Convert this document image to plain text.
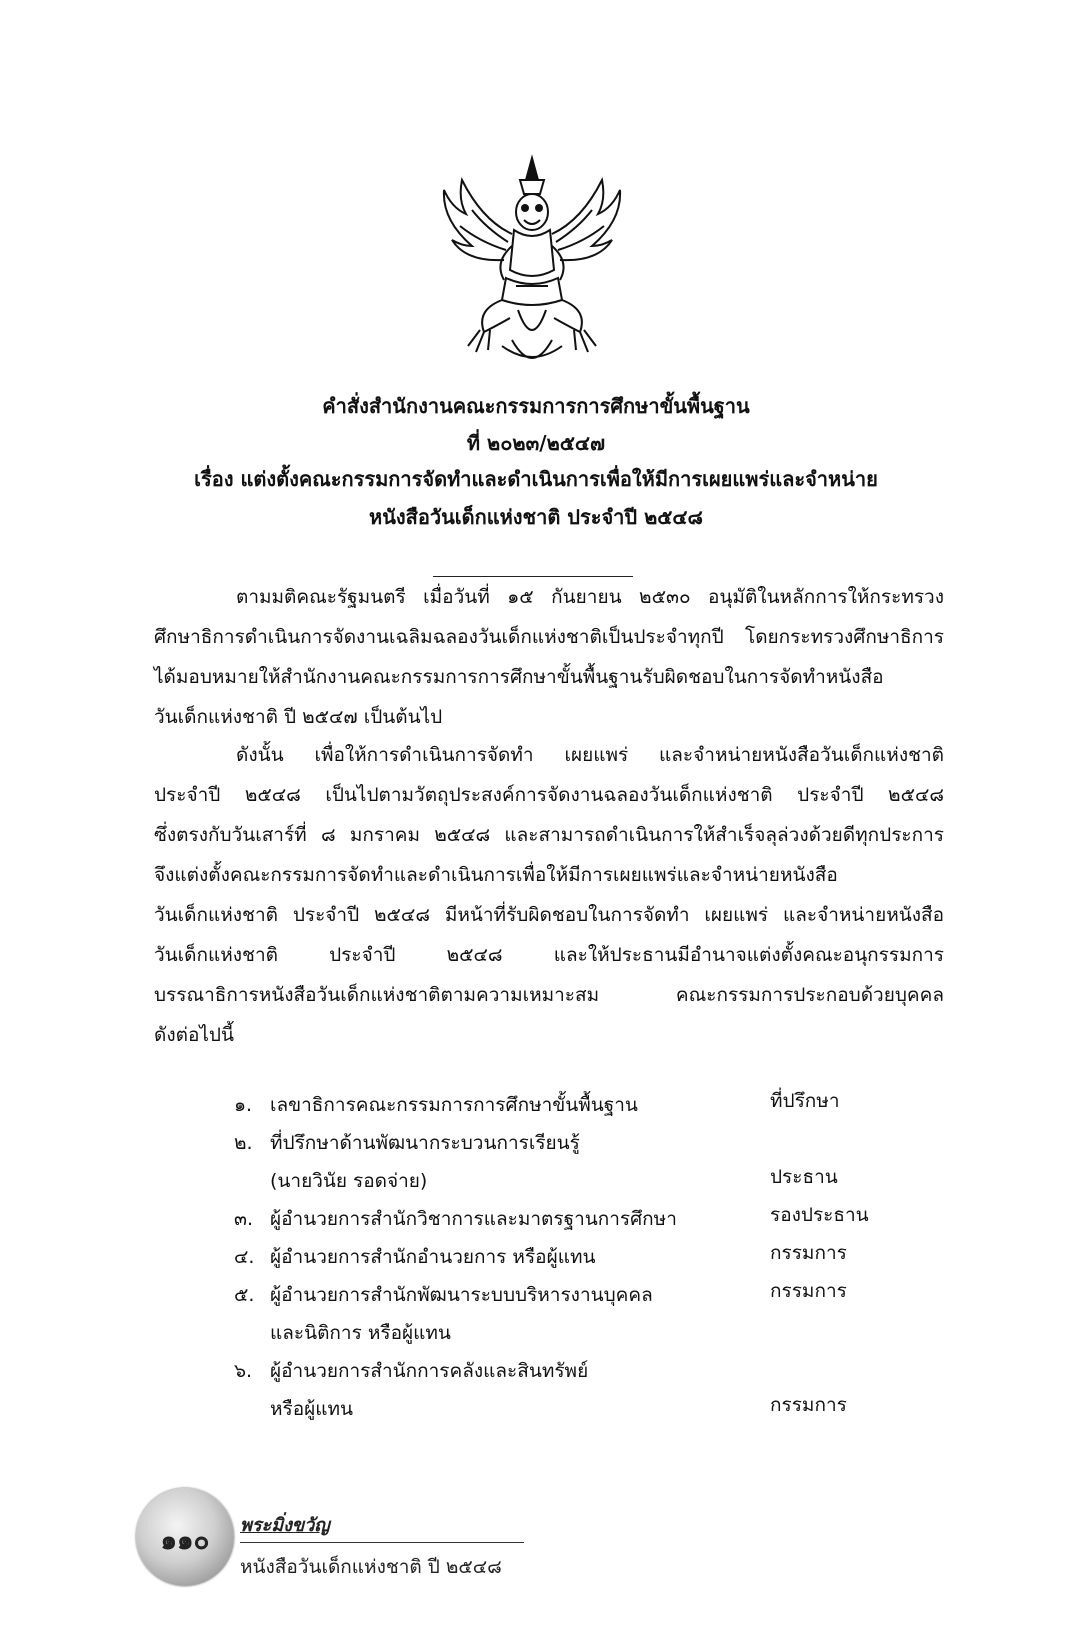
คำสั่งสำนักงานคณะกรรมการการศึกษาขั้นพื้นฐาน
ที่ ๒๐๒๓/๒๕๔๗
เรื่อง แต่งตั้งคณะกรรมการจัดทำและดำเนินการเพื่อให้มีการเผยแพร่และจำหน่าย
หนังสือวันเด็กแห่งชาติ ประจำปี ๒๕๔๘
ตามมติคณะรัฐมนตรี เมื่อวันที่ ๑๕ กันยายน ๒๕๓๐ อนุมัติในหลักการให้กระทรวง
ศึกษาธิการดำเนินการจัดงานเฉลิมฉลองวันเด็กแห่งชาติเป็นประจำทุกปี โดยกระทรวงศึกษาธิการ
ได้มอบหมายให้สำนักงานคณะกรรมการการศึกษาขั้นพื้นฐานรับผิดชอบในการจัดทำหนังสือ
วันเด็กแห่งชาติ ปี ๒๕๔๗ เป็นต้นไป
ดังนั้น เพื่อให้การดำเนินการจัดทำ เผยแพร่ และจำหน่ายหนังสือวันเด็กแห่งชาติ
ประจำปี ๒๕๔๘ เป็นไปตามวัตถุประสงค์การจัดงานฉลองวันเด็กแห่งชาติ ประจำปี ๒๕๔๘
ซึ่งตรงกับวันเสาร์ที่ ๘ มกราคม ๒๕๔๘ และสามารถดำเนินการให้สำเร็จลุล่วงด้วยดีทุกประการ
จึงแต่งตั้งคณะกรรมการจัดทำและดำเนินการเพื่อให้มีการเผยแพร่และจำหน่ายหนังสือ
วันเด็กแห่งชาติ ประจำปี ๒๕๔๘ มีหน้าที่รับผิดชอบในการจัดทำ เผยแพร่ และจำหน่ายหนังสือ
วันเด็กแห่งชาติ ประจำปี ๒๕๔๘ และให้ประธานมีอำนาจแต่งตั้งคณะอนุกรรมการ
บรรณาธิการหนังสือวันเด็กแห่งชาติตามความเหมาะสม คณะกรรมการประกอบด้วยบุคคล
ดังต่อไปนี้
๑. เลขาธิการคณะกรรมการการศึกษาขั้นพื้นฐาน	ที่ปรึกษา
๒. ที่ปรึกษาด้านพัฒนากระบวนการเรียนรู้
(นายวินัย รอดจ่าย)	ประธาน
๓. ผู้อำนวยการสำนักวิชาการและมาตรฐานการศึกษา	รองประธาน
๔. ผู้อำนวยการสำนักอำนวยการ หรือผู้แทน	กรรมการ
๕. ผู้อำนวยการสำนักพัฒนาระบบบริหารงานบุคคล	กรรมการ
และนิติการ หรือผู้แทน
๖. ผู้อำนวยการสำนักการคลังและสินทรัพย์
หรือผู้แทน	กรรมการ
๑๑๐
พระมิ่งขวัญ
หนังสือวันเด็กแห่งชาติ ปี ๒๕๔๘
